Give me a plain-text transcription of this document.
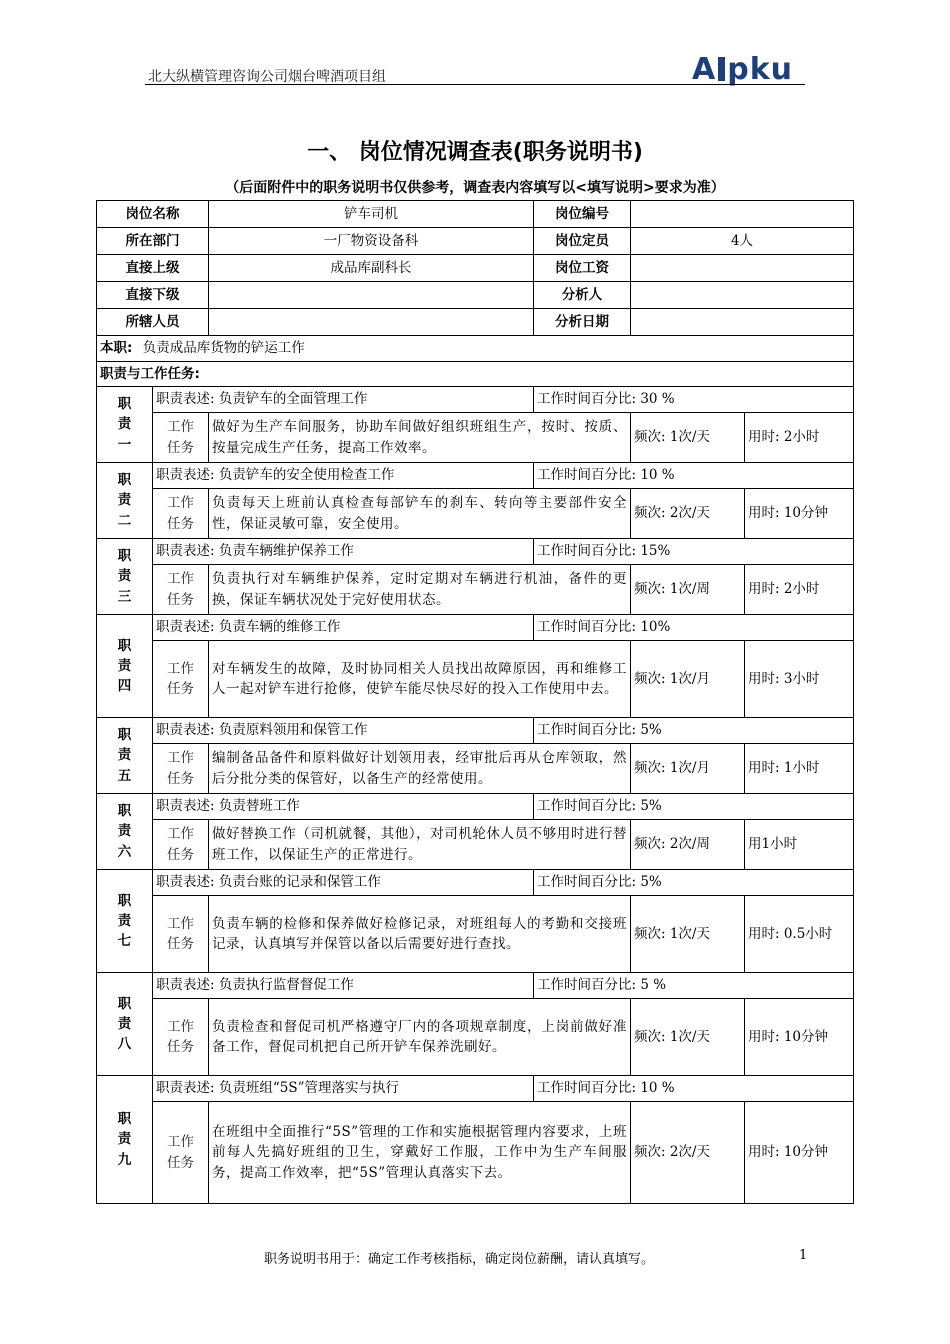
北大纵横管理咨询公司烟台啤酒项目组	A pku
一、 岗位情况调查表(职务说明书)
（后面附件中的职务说明书仅供参考，调查表内容填写以<填写说明>要求为准）
岗位名称		铲车司机	岗位编号		
所在部门		一厂物资设备科	岗位定员	4人	
直接上级		成品库副科长	岗位工资		
直接下级			分析人		
所辖人员			分析日期		
本职: 负责成品库货物的铲运工作					
职责与工作任务:					
职
责
一	职责表述: 负责铲车的全面管理工作		工作时间百分比: 30 %		
	工作
任务	做好为生产车间服务，协助车间做好组织班组生产，按时、按质、按量完成生产任务，提高工作效率。		频次: 1次/天	用时: 2小时
职
责
二	职责表述: 负责铲车的安全使用检查工作		工作时间百分比: 10 %		
	工作
任务	负责每天上班前认真检查每部铲车的刹车、转向等主要部件安全性，保证灵敏可靠，安全使用。		频次: 2次/天	用时: 10分钟
职
责
三	职责表述: 负责车辆维护保养工作		工作时间百分比: 15%		
	工作
任务	负责执行对车辆维护保养，定时定期对车辆进行机油，备件的更换，保证车辆状况处于完好使用状态。		频次: 1次/周	用时: 2小时
职
责
四	职责表述: 负责车辆的维修工作		工作时间百分比: 10%		
	工作
任务	对车辆发生的故障，及时协同相关人员找出故障原因，再和维修工人一起对铲车进行抢修，使铲车能尽快尽好的投入工作使用中去。		频次: 1次/月	用时: 3小时
职
责
五	职责表述: 负责原料领用和保管工作		工作时间百分比: 5%		
	工作
任务	编制备品备件和原料做好计划领用表，经审批后再从仓库领取，然后分批分类的保管好，以备生产的经常使用。		频次: 1次/月	用时: 1小时
职
责
六	职责表述: 负责替班工作		工作时间百分比: 5%		
	工作
任务	做好替换工作（司机就餐，其他），对司机轮休人员不够用时进行替班工作，以保证生产的正常进行。		频次: 2次/周	用1小时
职
责
七	职责表述: 负责台账的记录和保管工作		工作时间百分比: 5%		
	工作
任务	负责车辆的检修和保养做好检修记录，对班组每人的考勤和交接班记录，认真填写并保管以备以后需要好进行查找。		频次: 1次/天	用时: 0.5小时
职
责
八	职责表述: 负责执行监督督促工作		工作时间百分比: 5 %		
	工作
任务	负责检查和督促司机严格遵守厂内的各项规章制度，上岗前做好准备工作，督促司机把自己所开铲车保养洗刷好。		频次: 1次/天	用时: 10分钟
职
责
九	职责表述: 负责班组“5S”管理落实与执行		工作时间百分比: 10 %		
	工作
任务	在班组中全面推行“5S”管理的工作和实施根据管理内容要求，上班前每人先搞好班组的卫生，穿戴好工作服，工作中为生产车间服务，提高工作效率，把“5S”管理认真落实下去。		频次: 2次/天	用时: 10分钟
职务说明书用于：确定工作考核指标，确定岗位薪酬，请认真填写。	1
